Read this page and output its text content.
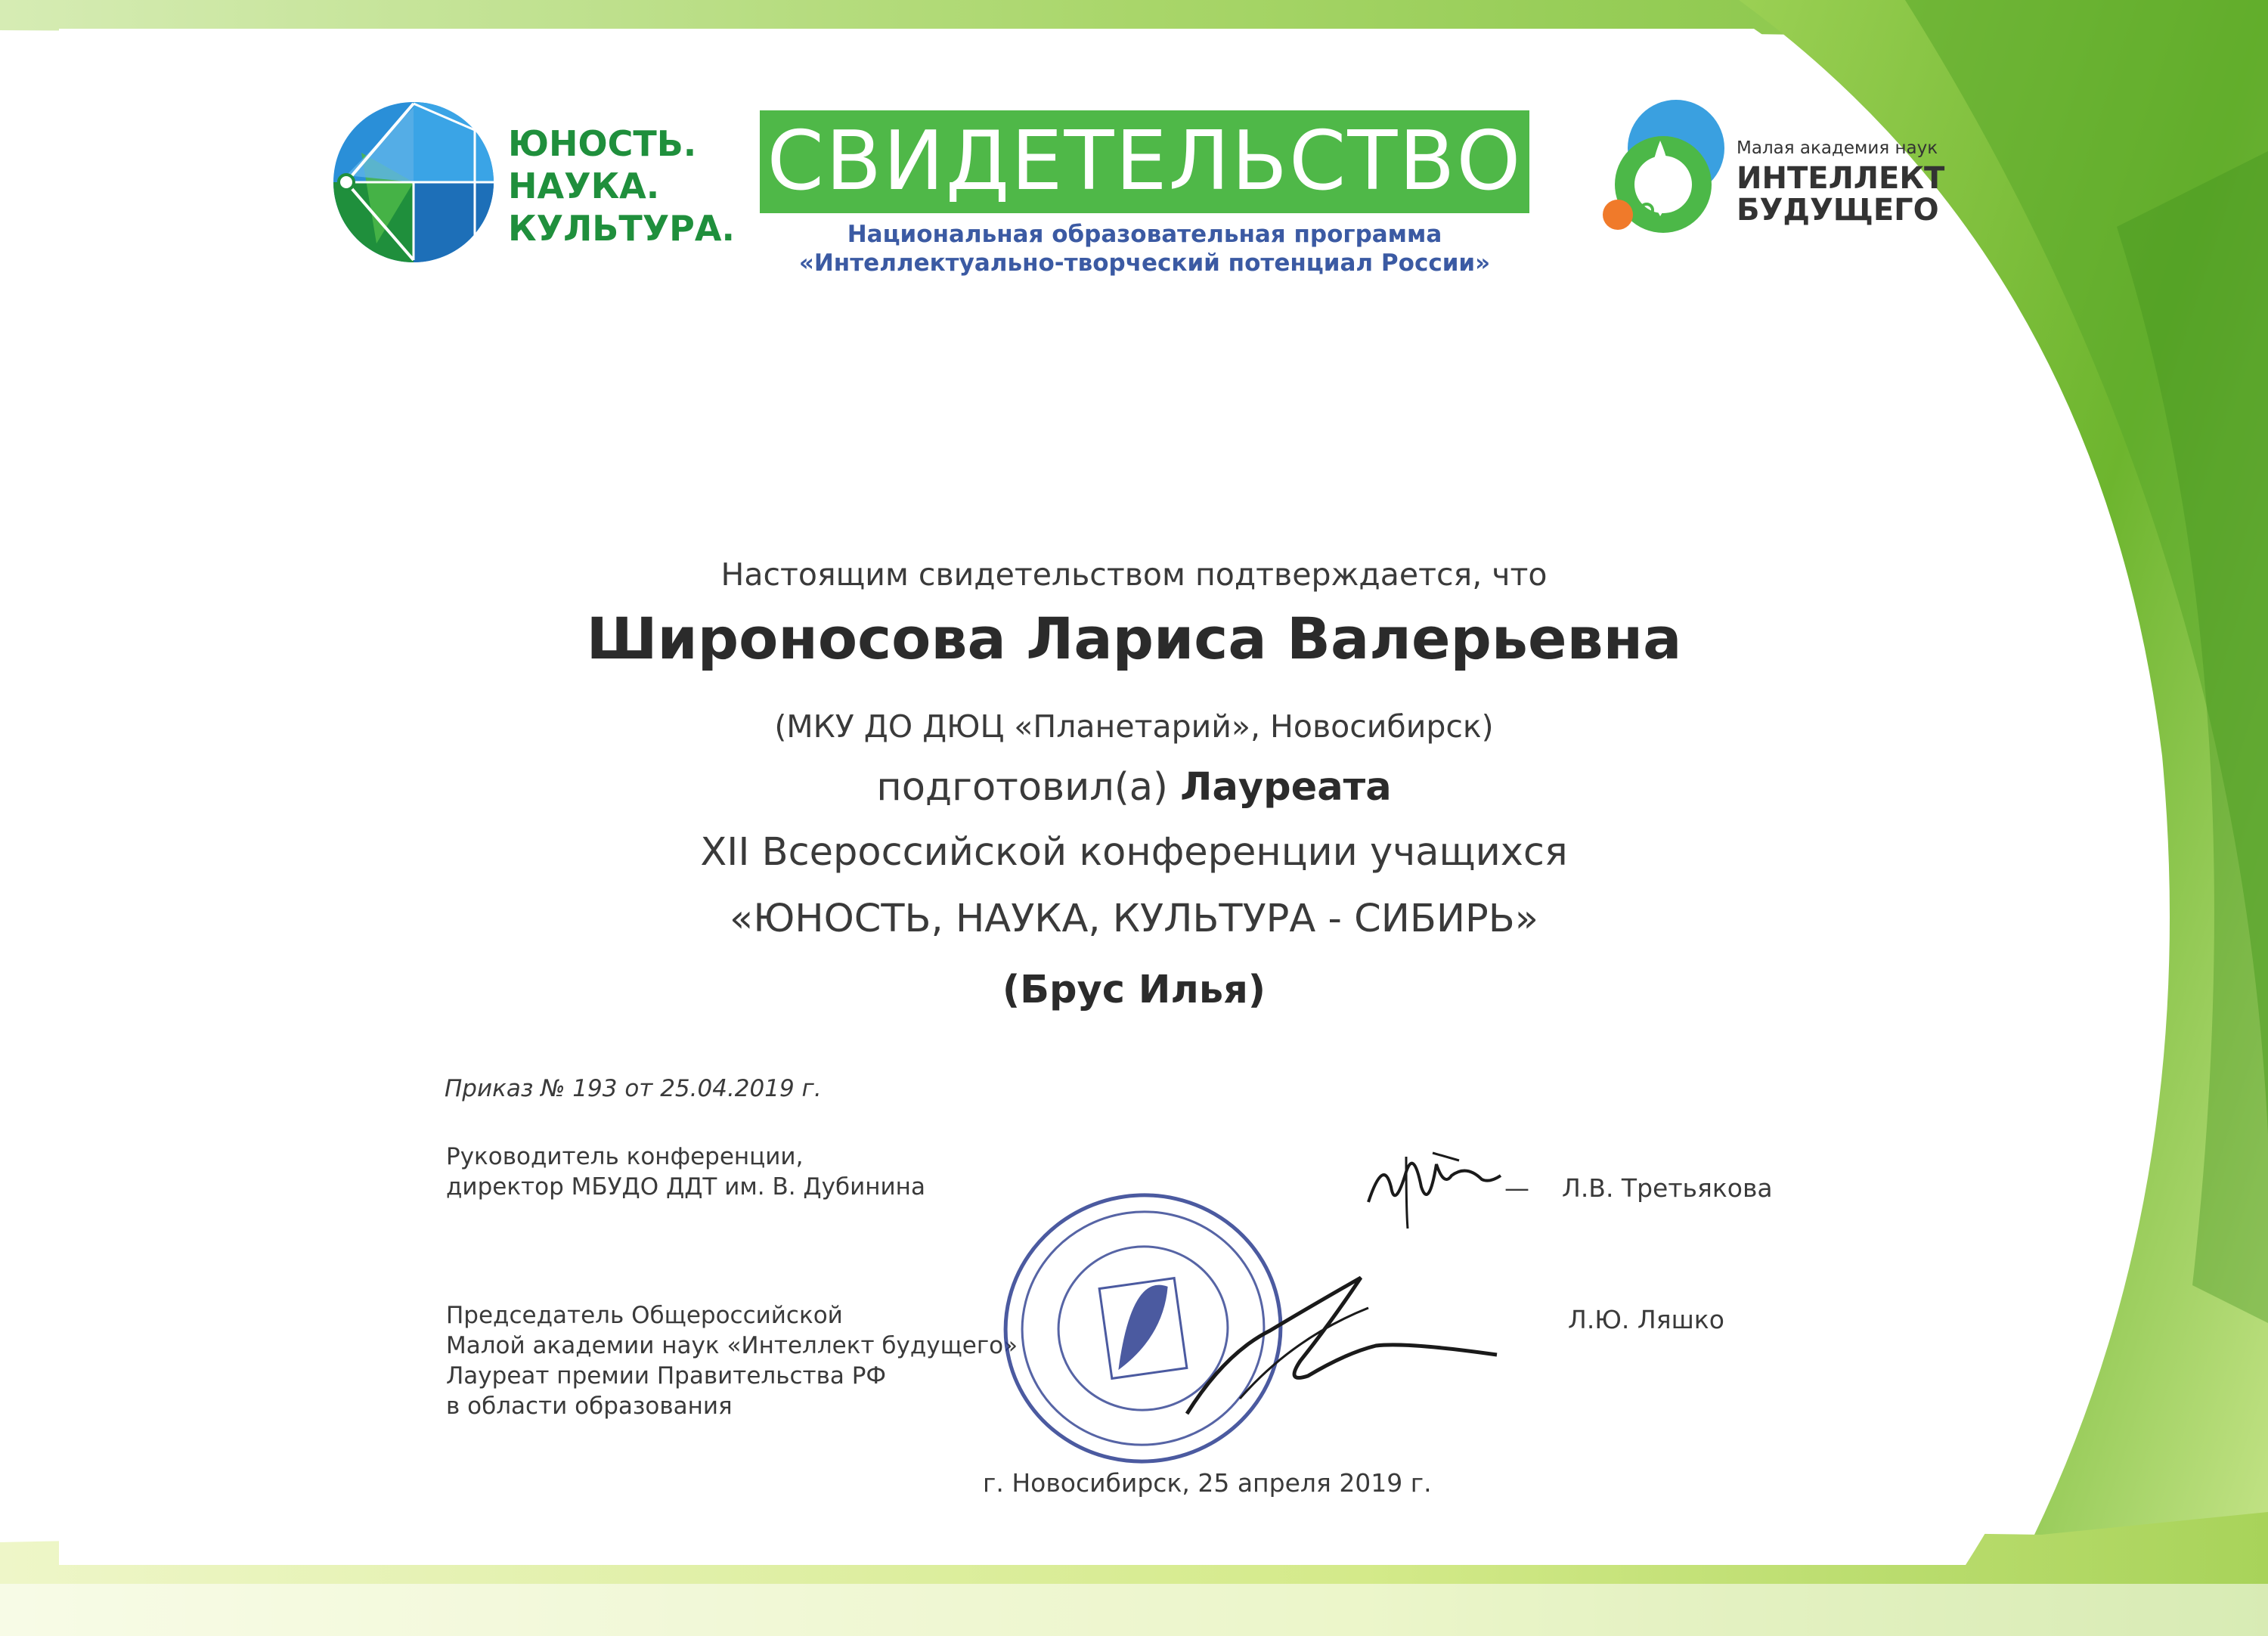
ЮНОСТЬ.
НАУКА.
КУЛЬТУРА.
СВИДЕТЕЛЬСТВО
Национальная образовательная программа
«Интеллектуально-творческий потенциал России»
Малая академия наук
ИНТЕЛЛЕКТ
БУДУЩЕГО
Настоящим свидетельством подтверждается, что
Широносова Лариса Валерьевна
(МКУ ДО ДЮЦ «Планетарий», Новосибирск)
подготовил(а) Лауреата
XII Всероссийской конференции учащихся
«ЮНОСТЬ, НАУКА, КУЛЬТУРА - СИБИРЬ»
(Брус Илья)
Приказ № 193 от 25.04.2019 г.
Руководитель конференции,
директор МБУДО ДДТ им. В. Дубинина	— Л.В. Третьякова
Председатель Общероссийской
Малой академии наук «Интеллект будущего»
Лауреат премии Правительства РФ
в области образования
Л.Ю. Ляшко
г. Новосибирск, 25 апреля 2019 г.
